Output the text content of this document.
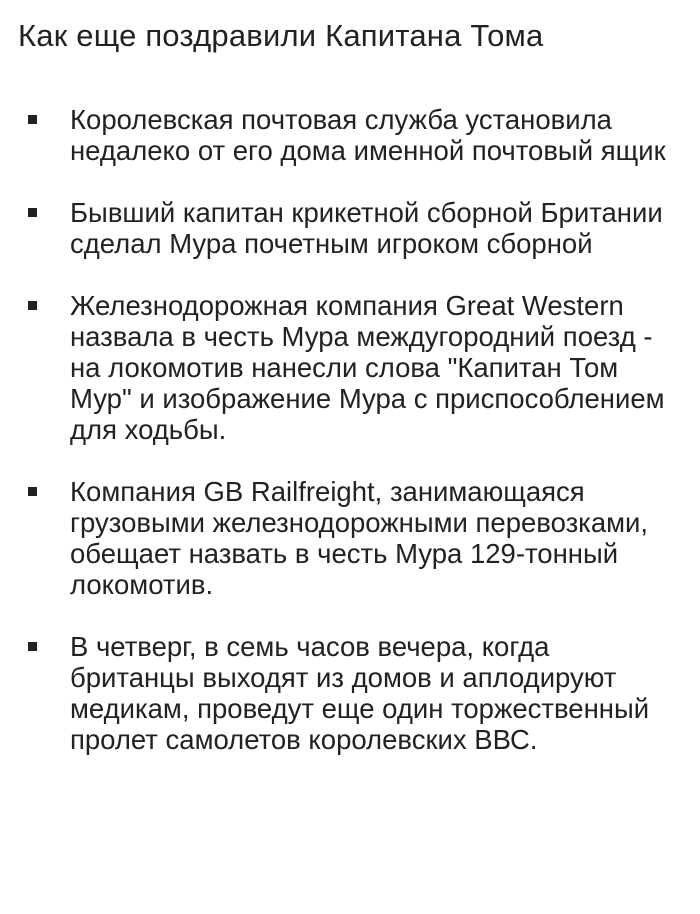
Как еще поздравили Капитана Тома
Королевская почтовая служба установила недалеко от его дома именной почтовый ящик
Бывший капитан крикетной сборной Британии сделал Мура почетным игроком сборной
Железнодорожная компания Great Western назвала в честь Мура междугородний поезд - на локомотив нанесли слова "Капитан Том Мур" и изображение Мура с приспособлением для ходьбы.
Компания GB Railfreight, занимающаяся грузовыми железнодорожными перевозками, обещает назвать в честь Мура 129-тонный локомотив.
В четверг, в семь часов вечера, когда британцы выходят из домов и аплодируют медикам, проведут еще один торжественный пролет самолетов королевских ВВС.
